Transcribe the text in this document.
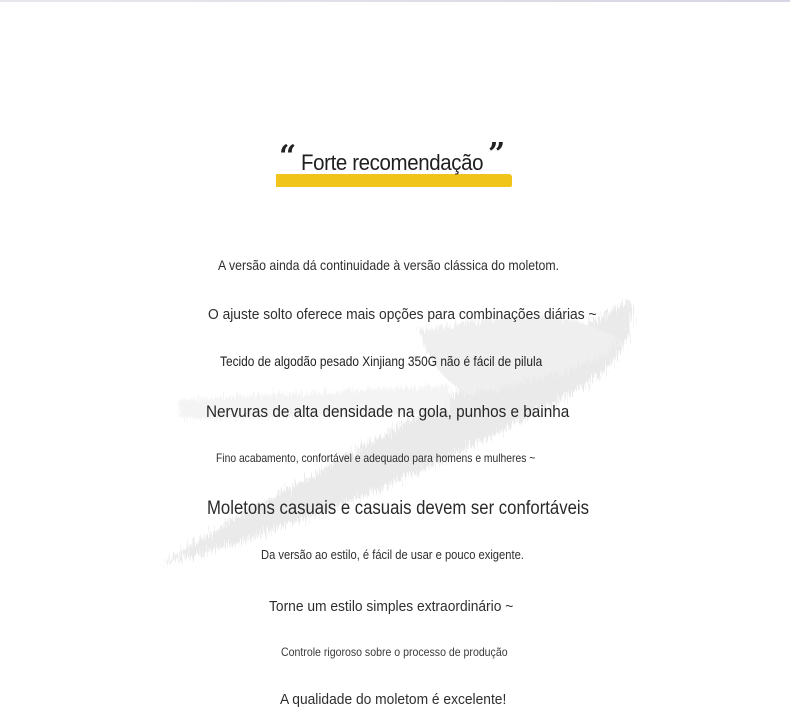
“ Forte recomendação ”
A versão ainda dá continuidade à versão clássica do moletom.
O ajuste solto oferece mais opções para combinações diárias ~
Tecido de algodão pesado Xinjiang 350G não é fácil de pilula
Nervuras de alta densidade na gola, punhos e bainha
Fino acabamento, confortável e adequado para homens e mulheres ~
Moletons casuais e casuais devem ser confortáveis
Da versão ao estilo, é fácil de usar e pouco exigente.
Torne um estilo simples extraordinário ~
Controle rigoroso sobre o processo de produção
A qualidade do moletom é excelente!
